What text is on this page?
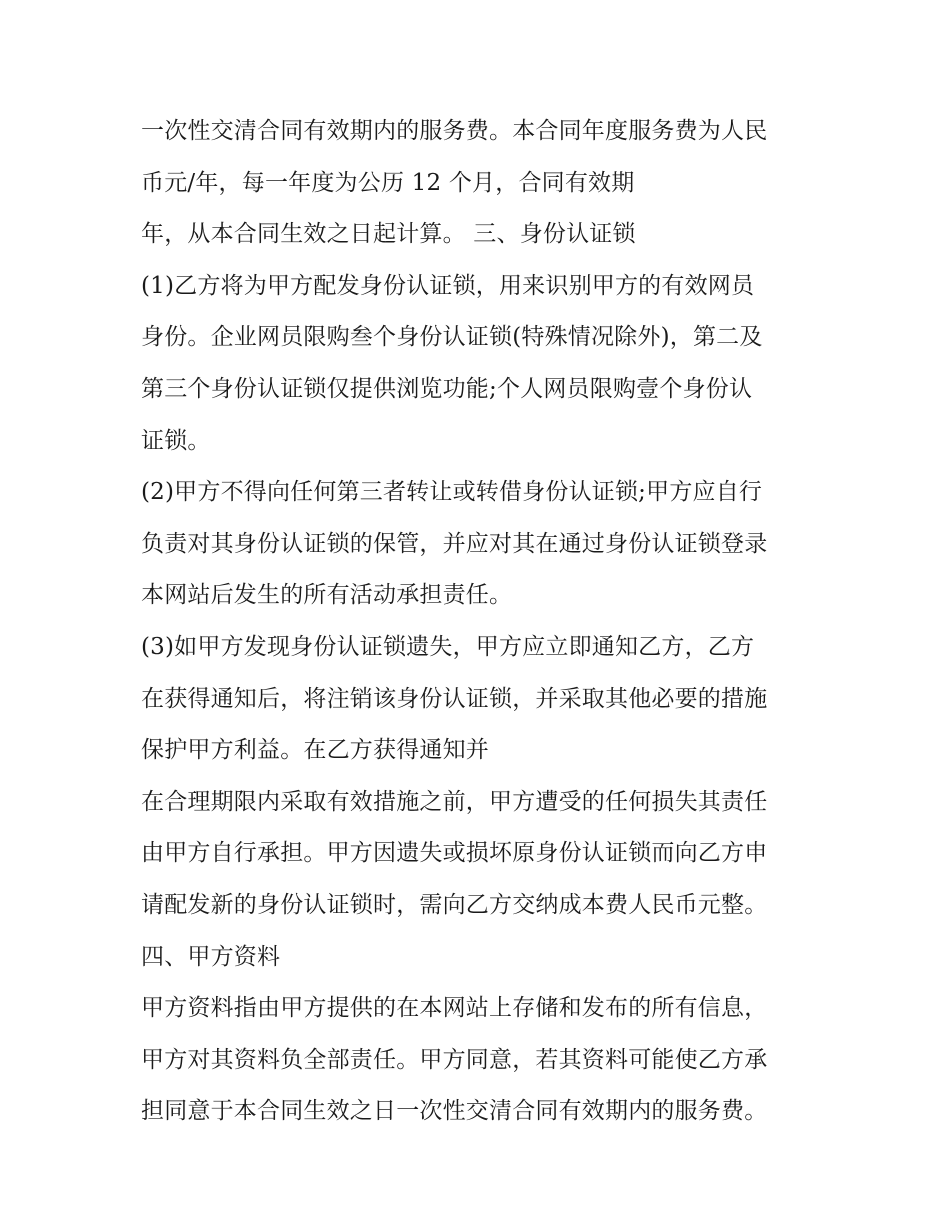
一次性交清合同有效期内的服务费。本合同年度服务费为人民
币元/年，每一年度为公历 12 个月，合同有效期
年，从本合同生效之日起计算。 三、身份认证锁
(1)乙方将为甲方配发身份认证锁，用来识别甲方的有效网员
身份。企业网员限购叁个身份认证锁(特殊情况除外)，第二及
第三个身份认证锁仅提供浏览功能;个人网员限购壹个身份认
证锁。
(2)甲方不得向任何第三者转让或转借身份认证锁;甲方应自行
负责对其身份认证锁的保管，并应对其在通过身份认证锁登录
本网站后发生的所有活动承担责任。
(3)如甲方发现身份认证锁遗失，甲方应立即通知乙方，乙方
在获得通知后，将注销该身份认证锁，并采取其他必要的措施
保护甲方利益。在乙方获得通知并
在合理期限内采取有效措施之前，甲方遭受的任何损失其责任
由甲方自行承担。甲方因遗失或损坏原身份认证锁而向乙方申
请配发新的身份认证锁时，需向乙方交纳成本费人民币元整。
四、甲方资料
甲方资料指由甲方提供的在本网站上存储和发布的所有信息，
甲方对其资料负全部责任。甲方同意，若其资料可能使乙方承
担同意于本合同生效之日一次性交清合同有效期内的服务费。
